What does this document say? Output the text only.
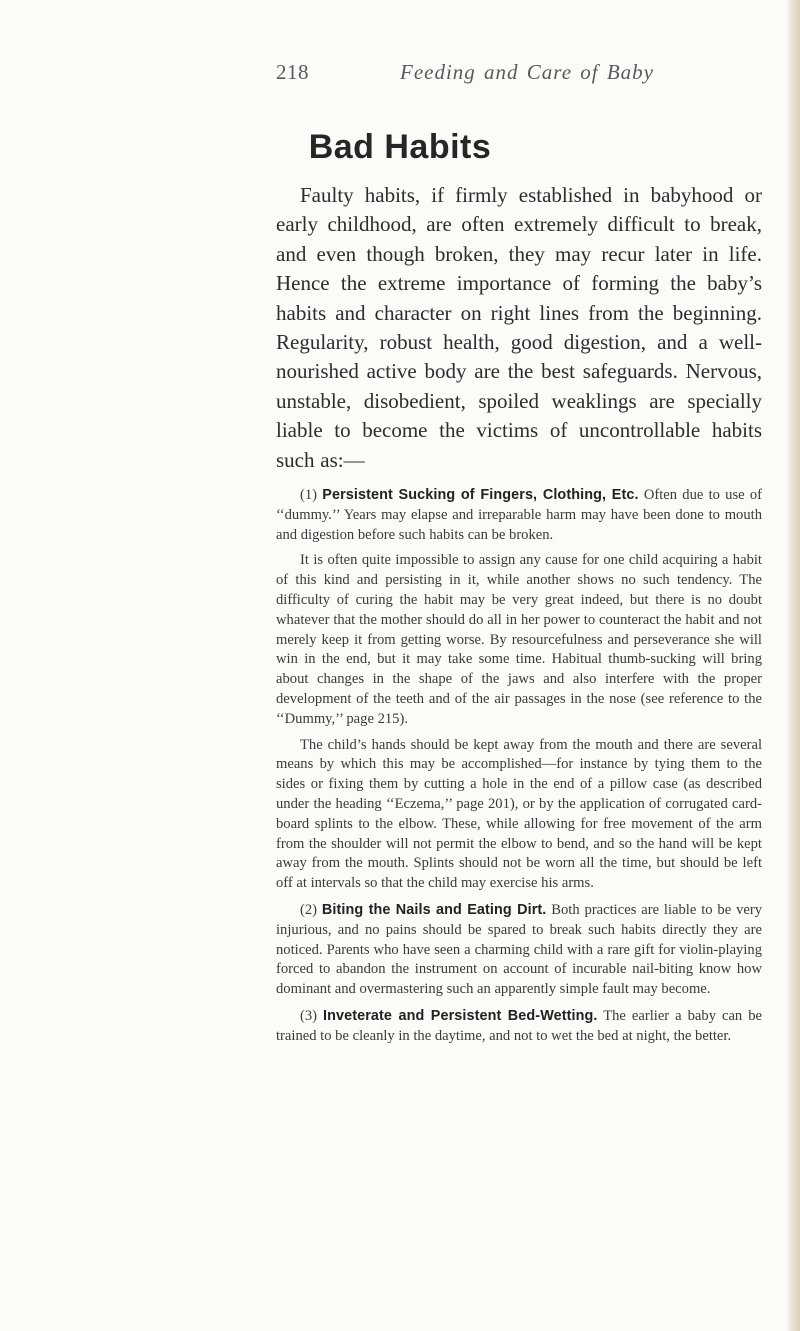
218	Feeding and Care of Baby
Bad Habits

Faulty habits, if firmly established in babyhood or early childhood, are often extremely difficult to break, and even though broken, they may recur later in life. Hence the extreme importance of forming the baby’s habits and character on right lines from the beginning. Regularity, robust health, good digestion, and a well-nourished active body are the best safeguards. Nervous, unstable, disobedient, spoiled weaklings are specially liable to become the victims of uncontrollable habits such as:—

(1) Persistent Sucking of Fingers, Clothing, Etc. Often due to use of ‘‘dummy.’’ Years may elapse and irreparable harm may have been done to mouth and digestion before such habits can be broken.

It is often quite impossible to assign any cause for one child acquiring a habit of this kind and persisting in it, while another shows no such tendency. The difficulty of curing the habit may be very great indeed, but there is no doubt whatever that the mother should do all in her power to counteract the habit and not merely keep it from getting worse. By resourcefulness and perseverance she will win in the end, but it may take some time. Habitual thumb-sucking will bring about changes in the shape of the jaws and also interfere with the proper development of the teeth and of the air passages in the nose (see reference to the ‘‘Dummy,’’ page 215).

The child’s hands should be kept away from the mouth and there are several means by which this may be accomplished—for instance by tying them to the sides or fixing them by cutting a hole in the end of a pillow case (as described under the heading ‘‘Eczema,’’ page 201), or by the application of corrugated card-board splints to the elbow. These, while allowing for free movement of the arm from the shoulder will not permit the elbow to bend, and so the hand will be kept away from the mouth. Splints should not be worn all the time, but should be left off at intervals so that the child may exercise his arms.

(2) Biting the Nails and Eating Dirt. Both practices are liable to be very injurious, and no pains should be spared to break such habits directly they are noticed. Parents who have seen a charming child with a rare gift for violin-playing forced to abandon the instrument on account of incurable nail-biting know how dominant and overmastering such an apparently simple fault may become.

(3) Inveterate and Persistent Bed-Wetting. The earlier a baby can be trained to be cleanly in the daytime, and not to wet the bed at night, the better.
